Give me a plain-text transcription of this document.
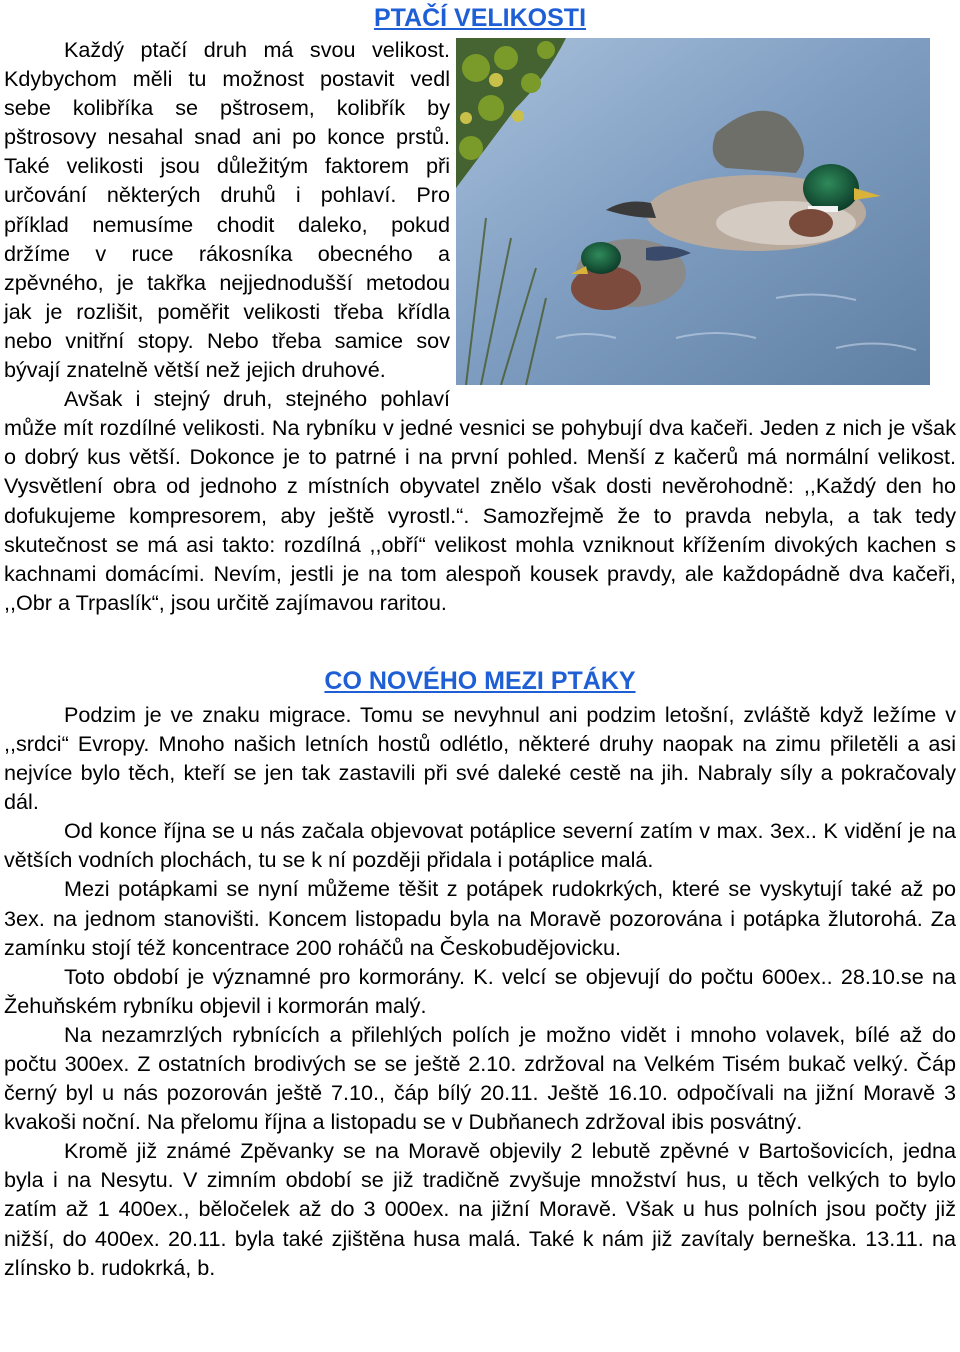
PTAČÍ VELIKOSTI

Každý ptačí druh má svou velikost. Kdybychom měli tu možnost postavit vedl sebe kolibříka se pštrosem, kolibřík by pštrosovy nesahal snad ani po konce prstů. Také velikosti jsou důležitým faktorem při určování některých druhů i pohlaví. Pro příklad nemusíme chodit daleko, pokud držíme v ruce rákosníka obecného a zpěvného, je takřka nejjednodušší metodou jak je rozlišit, poměřit velikosti třeba křídla nebo vnitřní stopy. Nebo třeba samice sov bývají znatelně větší než jejich druhové.

Avšak i stejný druh, stejného pohlaví může mít rozdílné velikosti. Na rybníku v jedné vesnici se pohybují dva kačeři. Jeden z nich je však o dobrý kus větší. Dokonce je to patrné i na první pohled. Menší z kačerů má normální velikost. Vysvětlení obra od jednoho z místních obyvatel znělo však dosti nevěrohodně: ,,Každý den ho dofukujeme kompresorem, aby ještě vyrostl.“. Samozřejmě že to pravda nebyla, a tak tedy skutečnost se má asi takto: rozdílná ,,obří“ velikost mohla vzniknout křížením divokých kachen s kachnami domácími. Nevím, jestli je na tom alespoň kousek pravdy, ale každopádně dva kačeři, ,,Obr a Trpaslík“, jsou určitě zajímavou raritou.

CO NOVÉHO MEZI PTÁKY

Podzim je ve znaku migrace. Tomu se nevyhnul ani podzim letošní, zvláště když ležíme v ,,srdci“ Evropy. Mnoho našich letních hostů odlétlo, některé druhy naopak na zimu přiletěli a asi nejvíce bylo těch, kteří se jen tak zastavili při své daleké cestě na jih. Nabraly síly a pokračovaly dál.

Od konce října se u nás začala objevovat potáplice severní zatím v max. 3ex.. K vidění je na větších vodních plochách, tu se k ní později přidala i potáplice malá.

Mezi potápkami se nyní můžeme těšit z potápek rudokrkých, které se vyskytují také až po 3ex. na jednom stanovišti. Koncem listopadu byla na Moravě pozorována i potápka žlutorohá. Za zamínku stojí též koncentrace 200 roháčů na Českobudějovicku.

Toto období je významné pro kormorány. K. velcí se objevují do počtu 600ex.. 28.10.se na Žehuňském rybníku objevil i kormorán malý.

Na nezamrzlých rybnících a přilehlých polích je možno vidět i mnoho volavek, bílé až do počtu 300ex. Z ostatních brodivých se se ještě 2.10. zdržoval na Velkém Tisém bukač velký. Čáp černý byl u nás pozorován ještě 7.10., čáp bílý 20.11. Ještě 16.10. odpočívali na jižní Moravě 3 kvakoši noční. Na přelomu října a listopadu se v Dubňanech zdržoval ibis posvátný.

Kromě již známé Zpěvanky se na Moravě objevily 2 lebutě zpěvné v Bartošovicích, jedna byla i na Nesytu. V zimním období se již tradičně zvyšuje množství hus, u těch velkých to bylo zatím až 1 400ex., běločelek až do 3 000ex. na jižní Moravě. Však u hus polních jsou počty již nižší, do 400ex. 20.11. byla také zjištěna husa malá. Také k nám již zavítaly berneška. 13.11. na zlínsko b. rudokrká, b.
